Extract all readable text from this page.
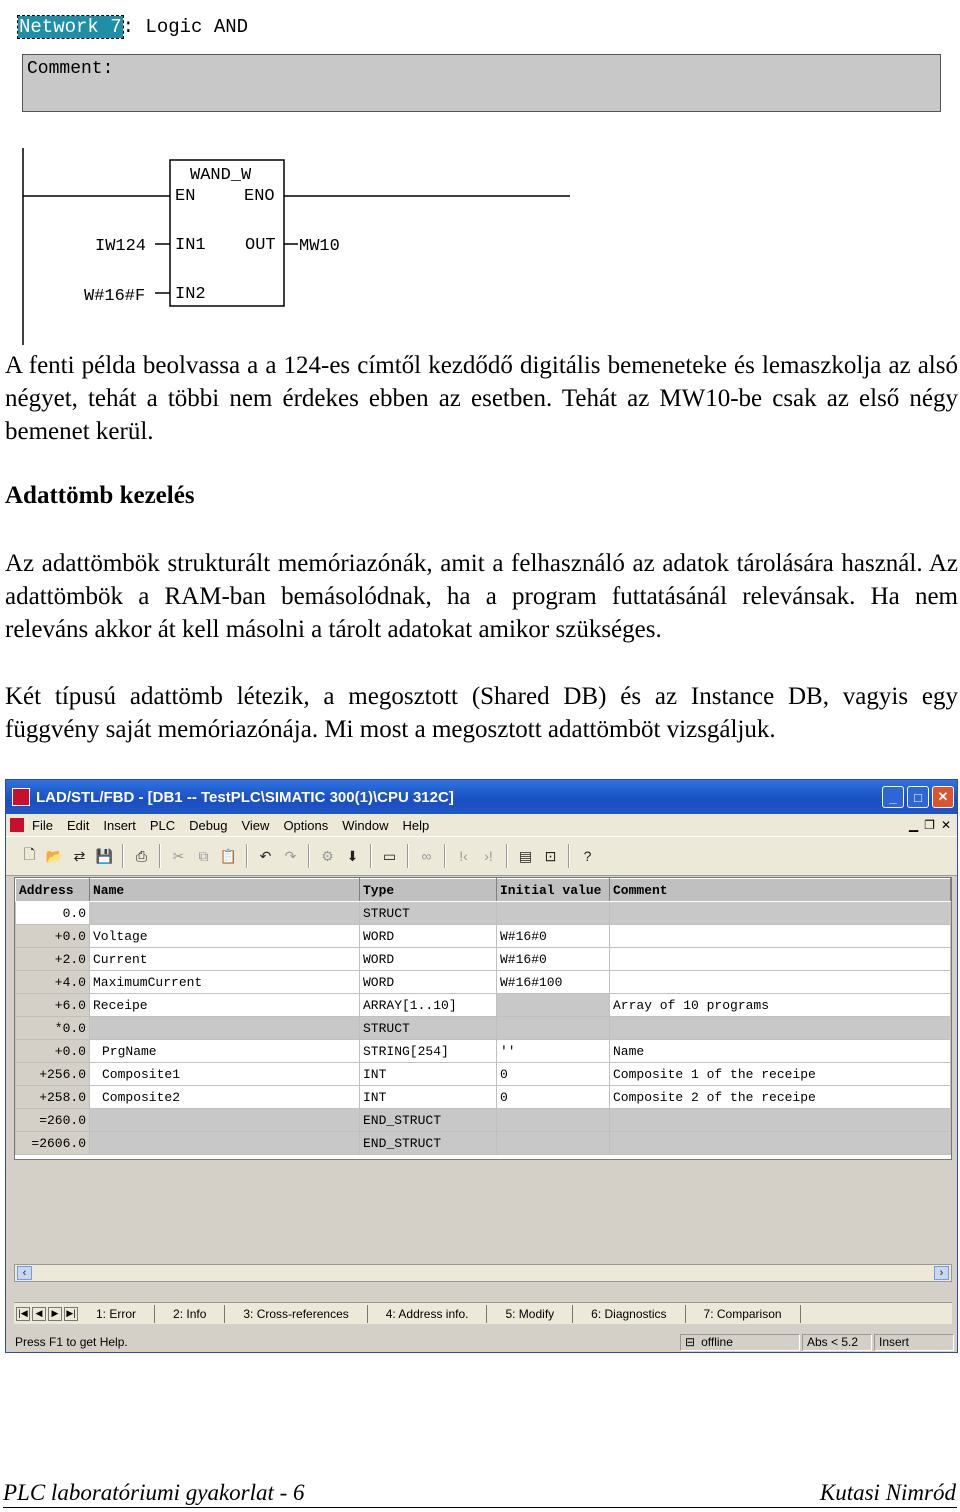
Network 7: Logic AND
Comment:
WAND_W
EN	ENO
IN1 OUT
IN2
IW124
W#16#F
MW10

A fenti példa beolvassa a a 124-es címtől kezdődő digitális bemeneteke és lemaszkolja az alsó négyet, tehát a többi nem érdekes ebben az esetben. Tehát az MW10-be csak az első négy bemenet kerül.

Adattömb kezelés

Az adattömbök strukturált memóriazónák, amit a felhasználó az adatok tárolására használ. Az adattömbök a RAM-ban bemásolódnak, ha a program futtatásánál relevánsak. Ha nem releváns akkor át kell másolni a tárolt adatokat amikor szükséges.

Két típusú adattömb létezik, a megosztott (Shared DB) és az Instance DB, vagyis egy függvény saját memóriazónája. Mi most a megosztott adattömböt vizsgáljuk.

LAD/STL/FBD - [DB1 -- TestPLC\SIMATIC 300(1)\CPU 312C]	_	□	✕
File Edit Insert PLC Debug View Options Window Help	▁ ❐ ✕
🗋 📂 ⇄ 💾	⎙	✂	⧉ 📋	↶ ↷	⚙ ⬇	▭	∞	!‹	›!	▤ ⊡	?
Address	Name	Type	Initial value	Comment
0.0		STRUCT		
+0.0	Voltage	WORD	W#16#0	
+2.0	Current	WORD	W#16#0	
+4.0	MaximumCurrent	WORD	W#16#100	
+6.0	Receipe	ARRAY[1..10]		Array of 10 programs
*0.0		STRUCT		
+0.0	PrgName	STRING[254]	''	Name
+256.0	Composite1	INT	0	Composite 1 of the receipe
+258.0	Composite2	INT	0	Composite 2 of the receipe
=260.0		END_STRUCT		
=2606.0		END_STRUCT		
‹	›
|◀ ◀	▶ ▶|	1: Error	2: Info	3: Cross-references	4: Address info.	5: Modify	6: Diagnostics	7: Comparison
Press F1 to get Help.	⊟ offline	Abs < 5.2	Insert
PLC laboratóriumi gyakorlat - 6	Kutasi Nimród
